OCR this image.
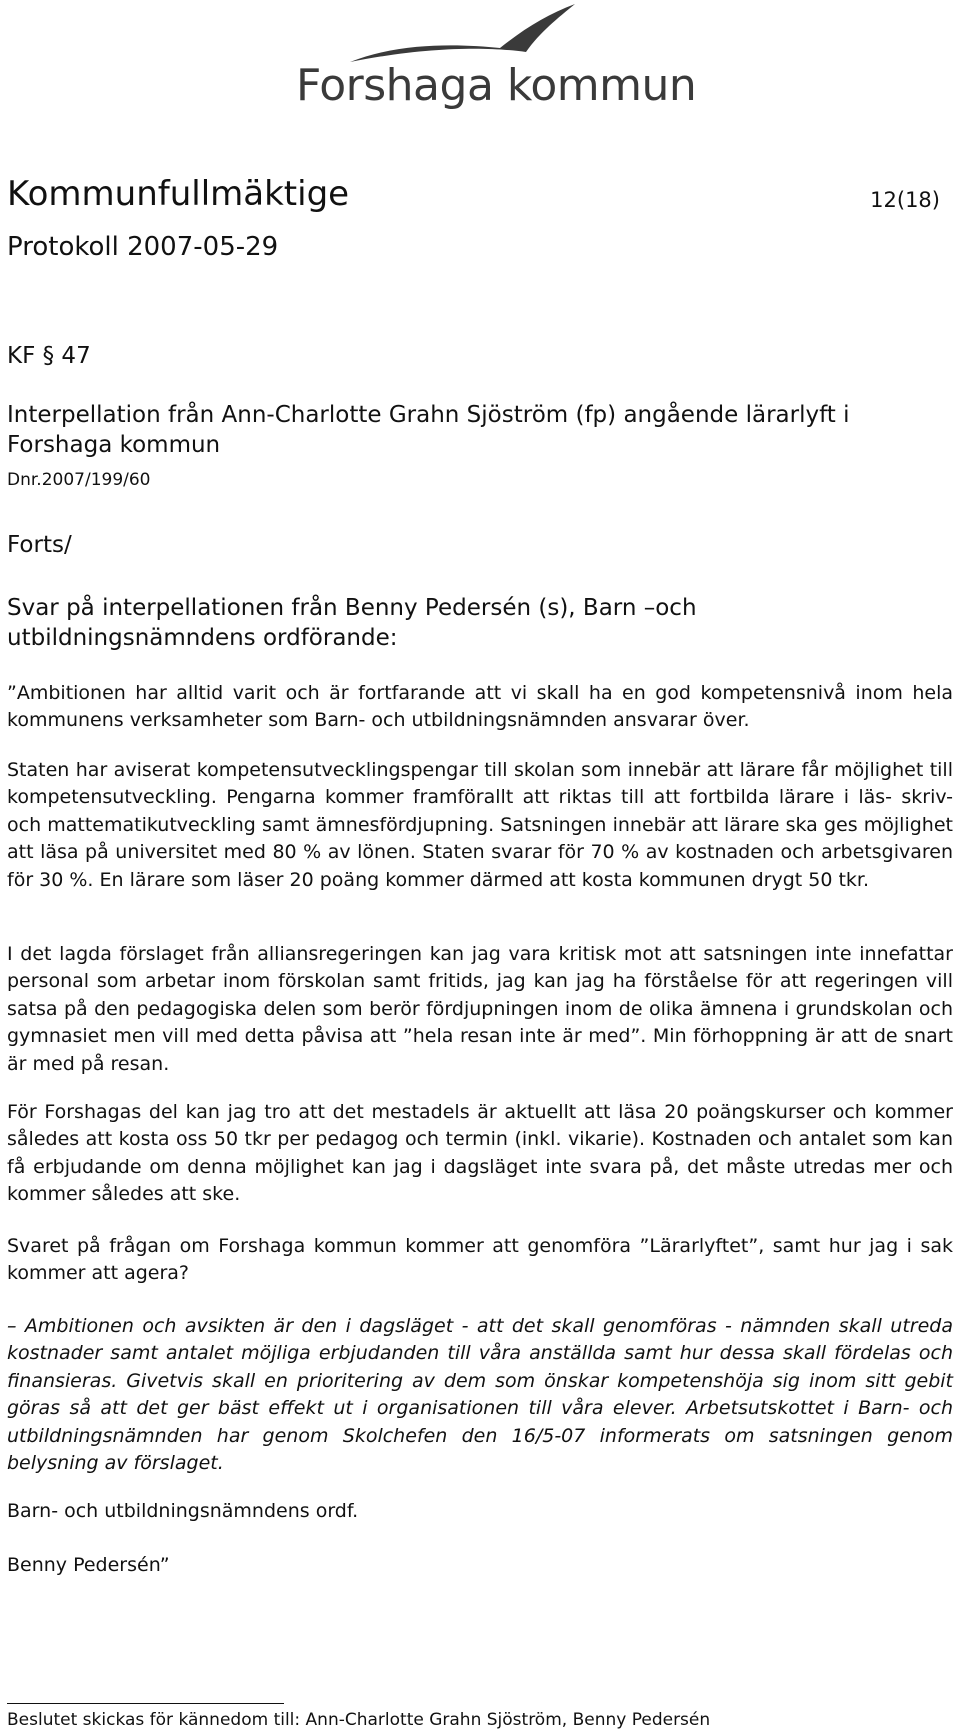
Forshaga kommun
Kommunfullmäktige	12(18)
Protokoll 2007-05-29
KF § 47
Interpellation från Ann-Charlotte Grahn Sjöström (fp) angående lärarlyft i Forshaga kommun
Dnr.2007/199/60
Forts/
Svar på interpellationen från Benny Pedersén (s), Barn –och utbildningsnämndens ordförande:

”Ambitionen har alltid varit och är fortfarande att vi skall ha en god kompetensnivå inom hela kommunens verksamheter som Barn- och utbildningsnämnden ansvarar över.

Staten har aviserat kompetensutvecklingspengar till skolan som innebär att lärare får möjlighet till kompetensutveckling. Pengarna kommer framförallt att riktas till att fortbilda lärare i läs- skriv- och mattematikutveckling samt ämnesfördjupning. Satsningen innebär att lärare ska ges möjlighet att läsa på universitet med 80 % av lönen. Staten svarar för 70 % av kostnaden och arbetsgivaren för 30 %. En lärare som läser 20 poäng kommer därmed att kosta kommunen drygt 50 tkr.

I det lagda förslaget från alliansregeringen kan jag vara kritisk mot att satsningen inte innefattar personal som arbetar inom förskolan samt fritids, jag kan jag ha förståelse för att regeringen vill satsa på den pedagogiska delen som berör fördjupningen inom de olika ämnena i grundskolan och gymnasiet men vill med detta påvisa att ”hela resan inte är med”. Min förhoppning är att de snart är med på resan.

För Forshagas del kan jag tro att det mestadels är aktuellt att läsa 20 poängskurser och kommer således att kosta oss 50 tkr per pedagog och termin (inkl. vikarie). Kostnaden och antalet som kan få erbjudande om denna möjlighet kan jag i dagsläget inte svara på, det måste utredas mer och kommer således att ske.

Svaret på frågan om Forshaga kommun kommer att genomföra ”Lärarlyftet”, samt hur jag i sak kommer att agera?

– Ambitionen och avsikten är den i dagsläget - att det skall genomföras - nämnden skall utreda kostnader samt antalet möjliga erbjudanden till våra anställda samt hur dessa skall fördelas och finansieras. Givetvis skall en prioritering av dem som önskar kompetenshöja sig inom sitt gebit göras så att det ger bäst effekt ut i organisationen till våra elever. Arbetsutskottet i Barn- och utbildningsnämnden har genom Skolchefen den 16/5-07 informerats om satsningen genom belysning av förslaget.

Barn- och utbildningsnämndens ordf.

Benny Pedersén”

Beslutet skickas för kännedom till: Ann-Charlotte Grahn Sjöström, Benny Pedersén
